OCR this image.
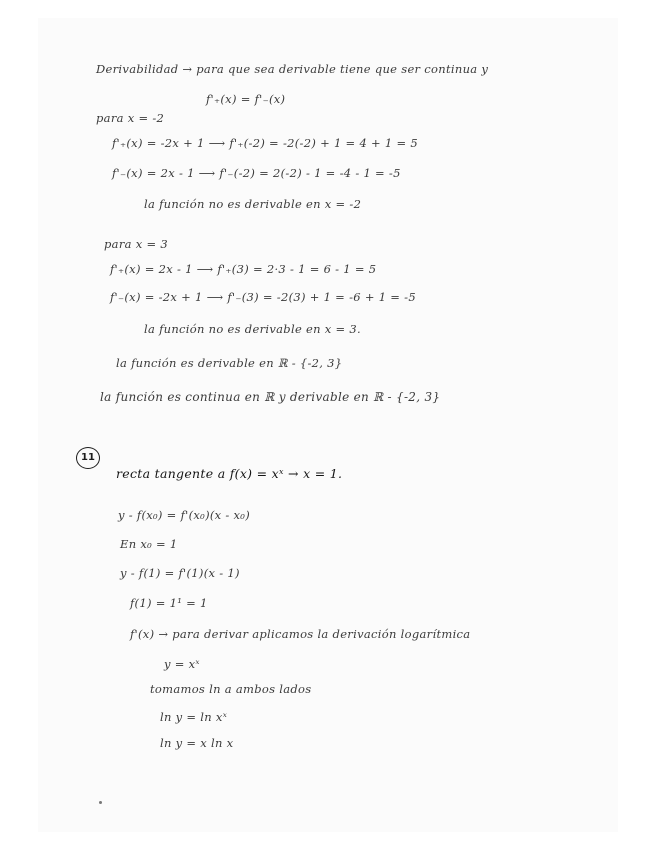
Derivabilidad → para que sea derivable tiene que ser continua y
f'₊(x) = f'₋(x)
para x = -2
f'₊(x) = -2x + 1 ⟶ f'₊(-2) = -2(-2) + 1 = 4 + 1 = 5
f'₋(x) = 2x - 1 ⟶ f'₋(-2) = 2(-2) - 1 = -4 - 1 = -5
la función no es derivable en x = -2
para x = 3
f'₊(x) = 2x - 1 ⟶ f'₊(3) = 2·3 - 1 = 6 - 1 = 5
f'₋(x) = -2x + 1 ⟶ f'₋(3) = -2(3) + 1 = -6 + 1 = -5
la función no es derivable en x = 3.
la función es derivable en ℝ - {-2, 3}
la función es continua en ℝ y derivable en ℝ - {-2, 3}
11
recta tangente a f(x) = xˣ → x = 1.
y - f(x₀) = f'(x₀)(x - x₀)
En x₀ = 1
y - f(1) = f'(1)(x - 1)
f(1) = 1¹ = 1
f'(x) → para derivar aplicamos la derivación logarítmica
y = xˣ
tomamos ln a ambos lados
ln y = ln xˣ
ln y = x ln x
